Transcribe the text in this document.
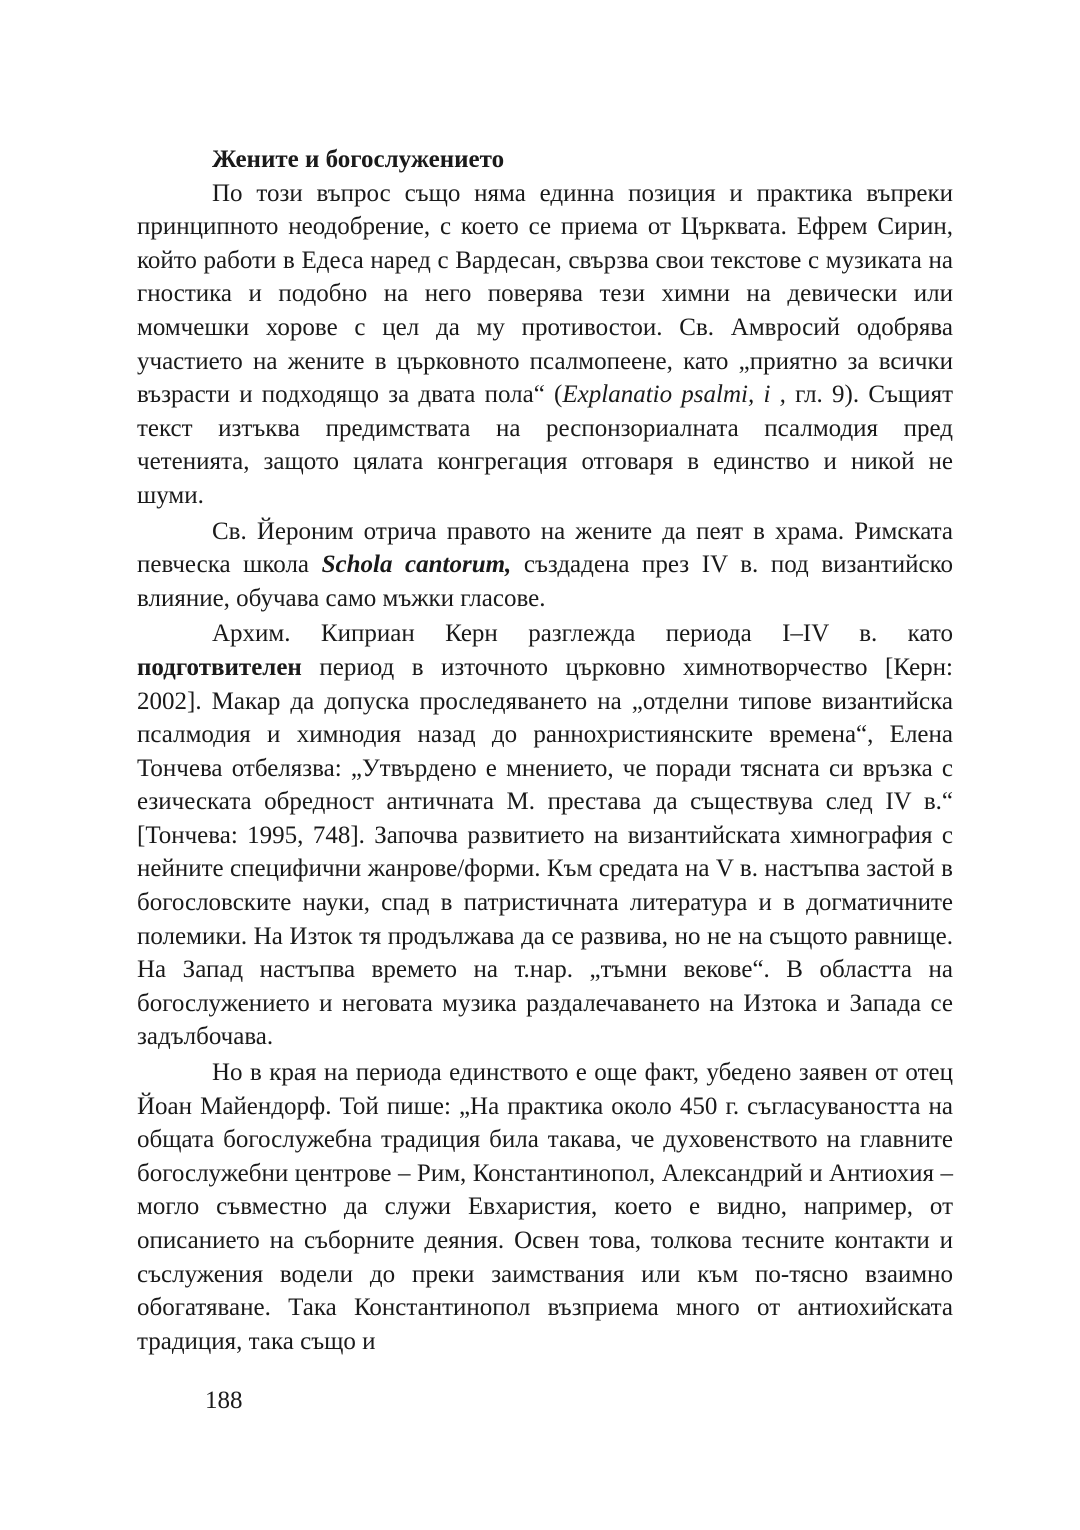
Жените и богослужението

По този въпрос също няма единна позиция и практика въпреки принципното неодобрение, с което се приема от Църквата. Ефрем Сирин, който работи в Едеса наред с Вардесан, свързва свои текстове с музиката на гностика и подобно на него поверява тези химни на девически или момчешки хорове с цел да му противостои. Св. Амвросий одобрява участието на жените в църковното псалмопеене, като „приятно за всички възрасти и подходящо за двата пола“ (Explanatio psalmi, i , гл. 9). Същият текст изтъква предимствата на респонзориалната псалмодия пред четенията, защото цялата конгрегация отговаря в единство и никой не шуми.

Св. Йероним отрича правото на жените да пеят в храма. Римската певческа школа Schola cantorum, създадена през IV в. под византийско влияние, обучава само мъжки гласове.

Архим. Киприан Керн разглежда периода I–IV в. като подготвителен период в източното църковно химнотворчество [Керн: 2002]. Макар да допуска проследяването на „отделни типове византийска псалмодия и химнодия назад до раннохристиянските времена“, Елена Тончева отбелязва: „Утвърдено е мнението, че поради тясната си връзка с езическата обредност античната М. престава да съществува след IV в.“ [Тончева: 1995, 748]. Започва развитието на византийската химнография с нейните специфични жанрове/форми. Към средата на V в. настъпва застой в богословските науки, спад в патристичната литература и в догматичните полемики. На Изток тя продължава да се развива, но не на същото равнище. На Запад настъпва времето на т.нар. „тъмни векове“. В областта на богослужението и неговата музика раздалечаването на Изтока и Запада се задълбочава.

Но в края на периода единството е още факт, убедено заявен от отец Йоан Майендорф. Той пише: „На практика около 450 г. съгласуваността на общата богослужебна традиция била такава, че духовенството на главните богослужебни центрове – Рим, Константинопол, Александрий и Антиохия – могло съвместно да служи Евхаристия, което е видно, например, от описанието на съборните деяния. Освен това, толкова тесните контакти и съслужения водели до преки заимствания или към по-тясно взаимно обогатяване. Така Константинопол възприема много от антиохийската традиция, така също и

188
